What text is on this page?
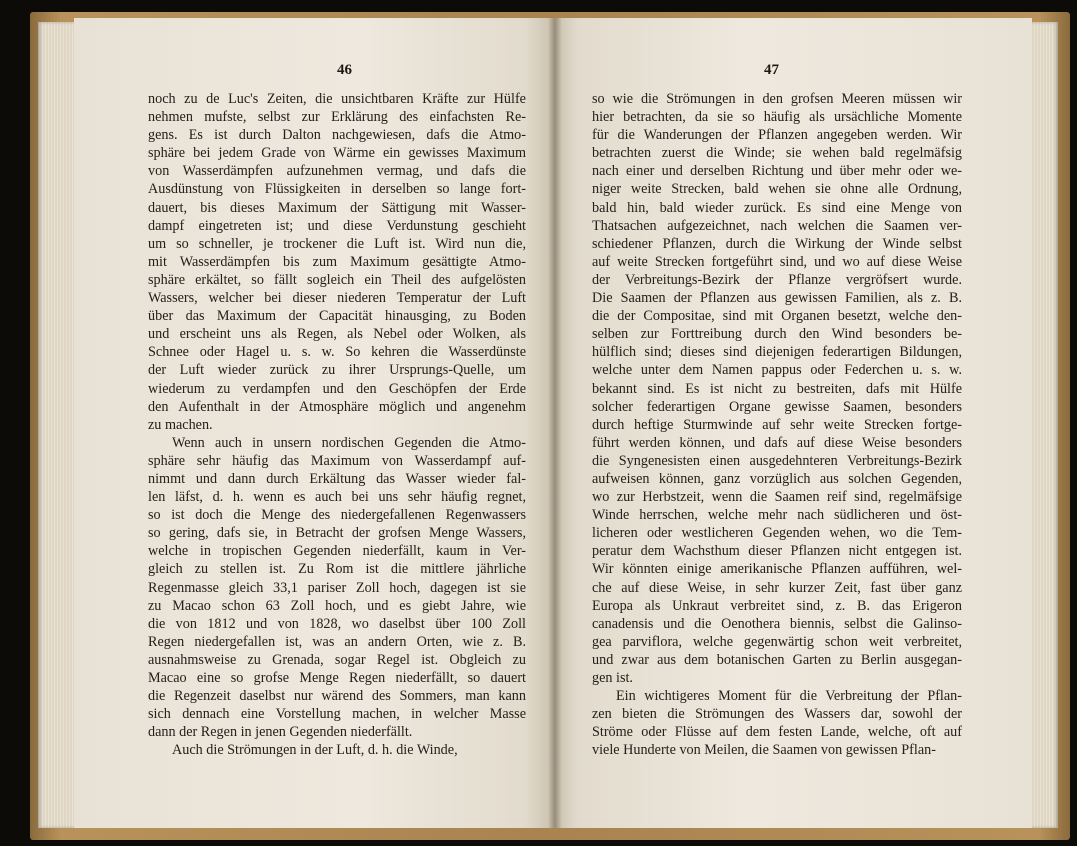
46	47
noch zu de Luc's Zeiten, die unsichtbaren Kräfte zur Hülfe
nehmen mufste, selbst zur Erklärung des einfachsten Re-
gens. Es ist durch Dalton nachgewiesen, dafs die Atmo-
sphäre bei jedem Grade von Wärme ein gewisses Maximum
von Wasserdämpfen aufzunehmen vermag, und dafs die
Ausdünstung von Flüssigkeiten in derselben so lange fort-
dauert, bis dieses Maximum der Sättigung mit Wasser-
dampf eingetreten ist; und diese Verdunstung geschieht
um so schneller, je trockener die Luft ist. Wird nun die,
mit Wasserdämpfen bis zum Maximum gesättigte Atmo-
sphäre erkältet, so fällt sogleich ein Theil des aufgelösten
Wassers, welcher bei dieser niederen Temperatur der Luft
über das Maximum der Capacität hinausging, zu Boden
und erscheint uns als Regen, als Nebel oder Wolken, als
Schnee oder Hagel u. s. w. So kehren die Wasserdünste
der Luft wieder zurück zu ihrer Ursprungs-Quelle, um
wiederum zu verdampfen und den Geschöpfen der Erde
den Aufenthalt in der Atmosphäre möglich und angenehm
zu machen.
Wenn auch in unsern nordischen Gegenden die Atmo-
sphäre sehr häufig das Maximum von Wasserdampf auf-
nimmt und dann durch Erkältung das Wasser wieder fal-
len läfst, d. h. wenn es auch bei uns sehr häufig regnet,
so ist doch die Menge des niedergefallenen Regenwassers
so gering, dafs sie, in Betracht der grofsen Menge Wassers,
welche in tropischen Gegenden niederfällt, kaum in Ver-
gleich zu stellen ist. Zu Rom ist die mittlere jährliche
Regenmasse gleich 33,1 pariser Zoll hoch, dagegen ist sie
zu Macao schon 63 Zoll hoch, und es giebt Jahre, wie
die von 1812 und von 1828, wo daselbst über 100 Zoll
Regen niedergefallen ist, was an andern Orten, wie z. B.
ausnahmsweise zu Grenada, sogar Regel ist. Obgleich zu
Macao eine so grofse Menge Regen niederfällt, so dauert
die Regenzeit daselbst nur wärend des Sommers, man kann
sich dennach eine Vorstellung machen, in welcher Masse
dann der Regen in jenen Gegenden niederfällt.
Auch die Strömungen in der Luft, d. h. die Winde,
so wie die Strömungen in den grofsen Meeren müssen wir
hier betrachten, da sie so häufig als ursächliche Momente
für die Wanderungen der Pflanzen angegeben werden. Wir
betrachten zuerst die Winde; sie wehen bald regelmäfsig
nach einer und derselben Richtung und über mehr oder we-
niger weite Strecken, bald wehen sie ohne alle Ordnung,
bald hin, bald wieder zurück. Es sind eine Menge von
Thatsachen aufgezeichnet, nach welchen die Saamen ver-
schiedener Pflanzen, durch die Wirkung der Winde selbst
auf weite Strecken fortgeführt sind, und wo auf diese Weise
der Verbreitungs-Bezirk der Pflanze vergröfsert wurde.
Die Saamen der Pflanzen aus gewissen Familien, als z. B.
die der Compositae, sind mit Organen besetzt, welche den-
selben zur Forttreibung durch den Wind besonders be-
hülflich sind; dieses sind diejenigen federartigen Bildungen,
welche unter dem Namen pappus oder Federchen u. s. w.
bekannt sind. Es ist nicht zu bestreiten, dafs mit Hülfe
solcher federartigen Organe gewisse Saamen, besonders
durch heftige Sturmwinde auf sehr weite Strecken fortge-
führt werden können, und dafs auf diese Weise besonders
die Syngenesisten einen ausgedehnteren Verbreitungs-Bezirk
aufweisen können, ganz vorzüglich aus solchen Gegenden,
wo zur Herbstzeit, wenn die Saamen reif sind, regelmäfsige
Winde herrschen, welche mehr nach südlicheren und öst-
licheren oder westlicheren Gegenden wehen, wo die Tem-
peratur dem Wachsthum dieser Pflanzen nicht entgegen ist.
Wir könnten einige amerikanische Pflanzen aufführen, wel-
che auf diese Weise, in sehr kurzer Zeit, fast über ganz
Europa als Unkraut verbreitet sind, z. B. das Erigeron
canadensis und die Oenothera biennis, selbst die Galinso-
gea parviflora, welche gegenwärtig schon weit verbreitet,
und zwar aus dem botanischen Garten zu Berlin ausgegan-
gen ist.
Ein wichtigeres Moment für die Verbreitung der Pflan-
zen bieten die Strömungen des Wassers dar, sowohl der
Ströme oder Flüsse auf dem festen Lande, welche, oft auf
viele Hunderte von Meilen, die Saamen von gewissen Pflan-
